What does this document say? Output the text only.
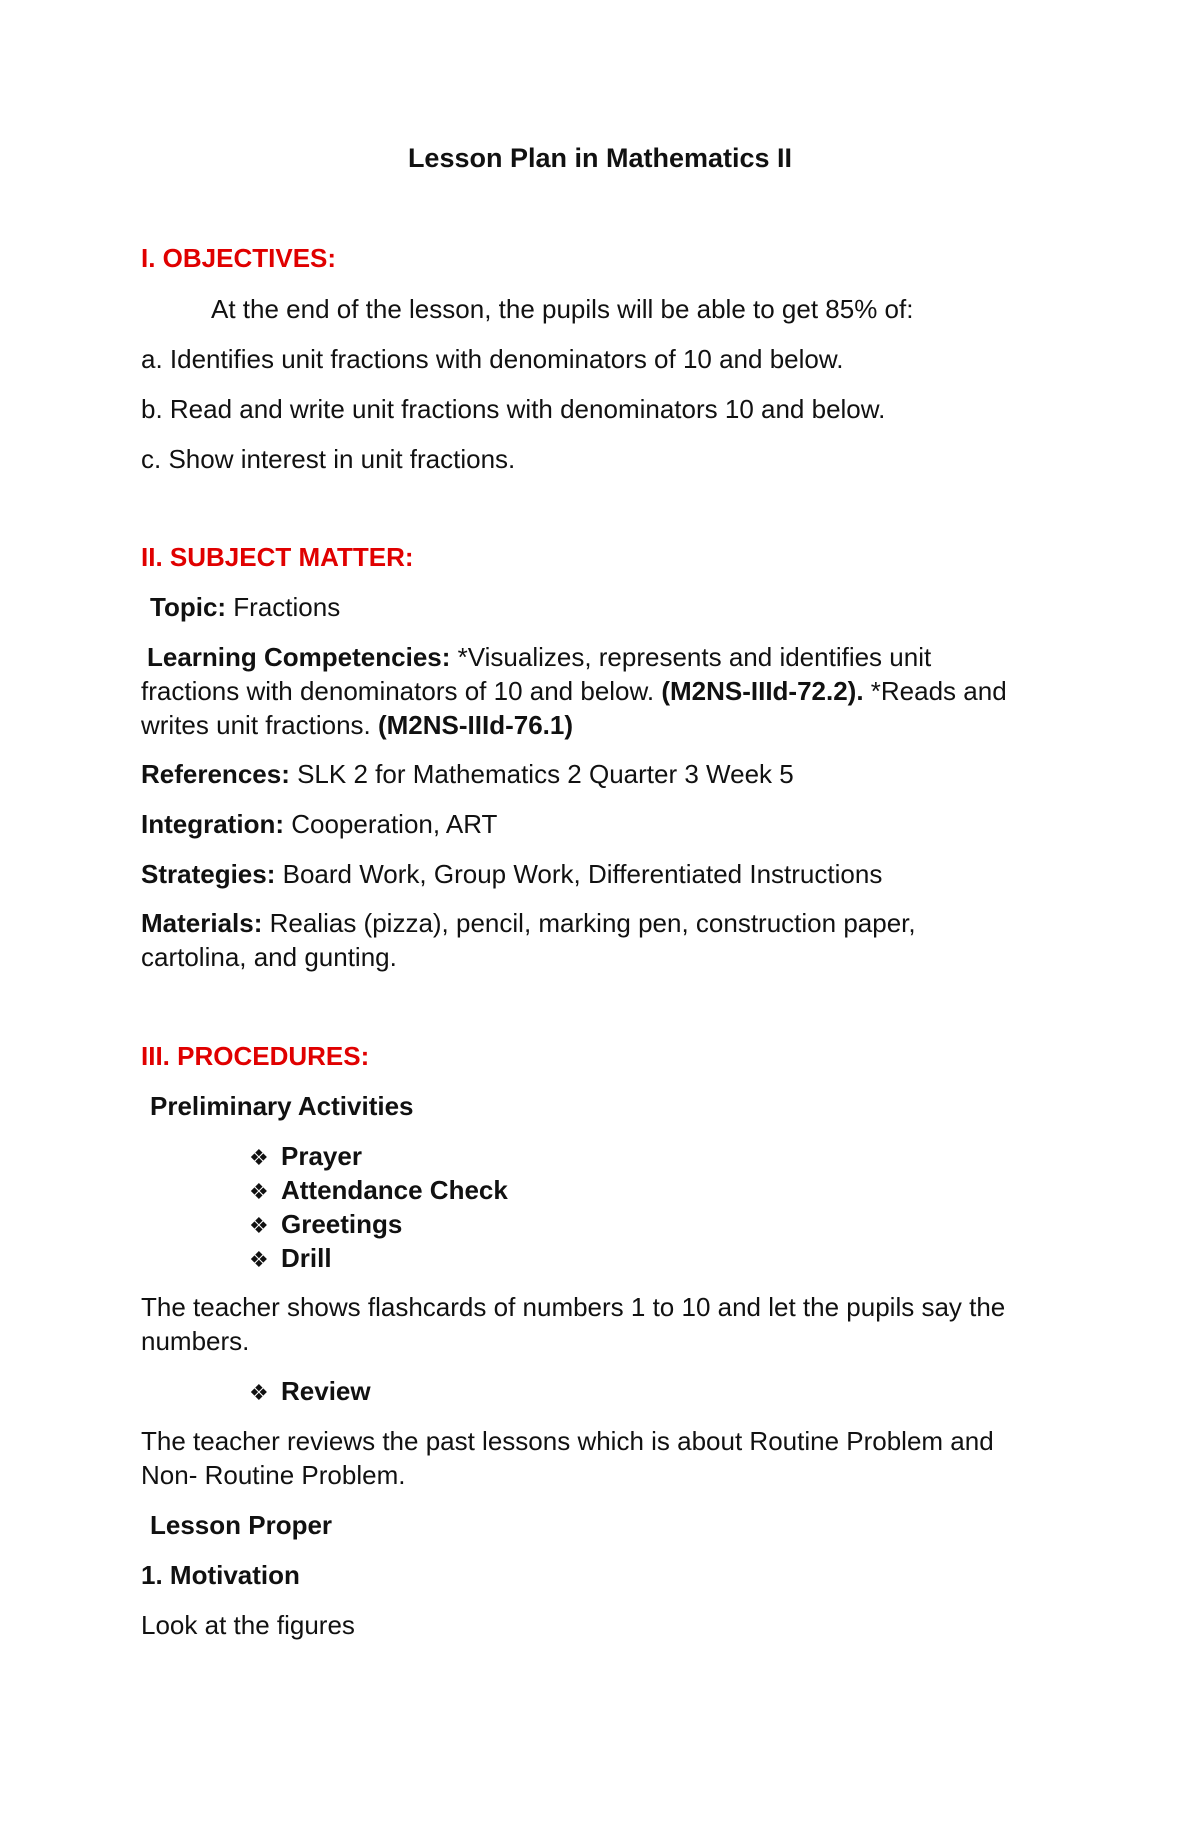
Lesson Plan in Mathematics II
I. OBJECTIVES:
At the end of the lesson, the pupils will be able to get 85% of:
a. Identifies unit fractions with denominators of 10 and below.
b. Read and write unit fractions with denominators 10 and below.
c. Show interest in unit fractions.
II. SUBJECT MATTER:
Topic: Fractions
Learning Competencies: *Visualizes, represents and identifies unit
fractions with denominators of 10 and below. (M2NS-IIId-72.2). *Reads and
writes unit fractions. (M2NS-IIId-76.1)
References: SLK 2 for Mathematics 2 Quarter 3 Week 5
Integration: Cooperation, ART
Strategies: Board Work, Group Work, Differentiated Instructions
Materials: Realias (pizza), pencil, marking pen, construction paper,
cartolina, and gunting.
III. PROCEDURES:
Preliminary Activities
❖ Prayer
❖ Attendance Check
❖ Greetings
❖ Drill
The teacher shows flashcards of numbers 1 to 10 and let the pupils say the
numbers.
❖ Review
The teacher reviews the past lessons which is about Routine Problem and
Non- Routine Problem.
Lesson Proper
1. Motivation
Look at the figures
